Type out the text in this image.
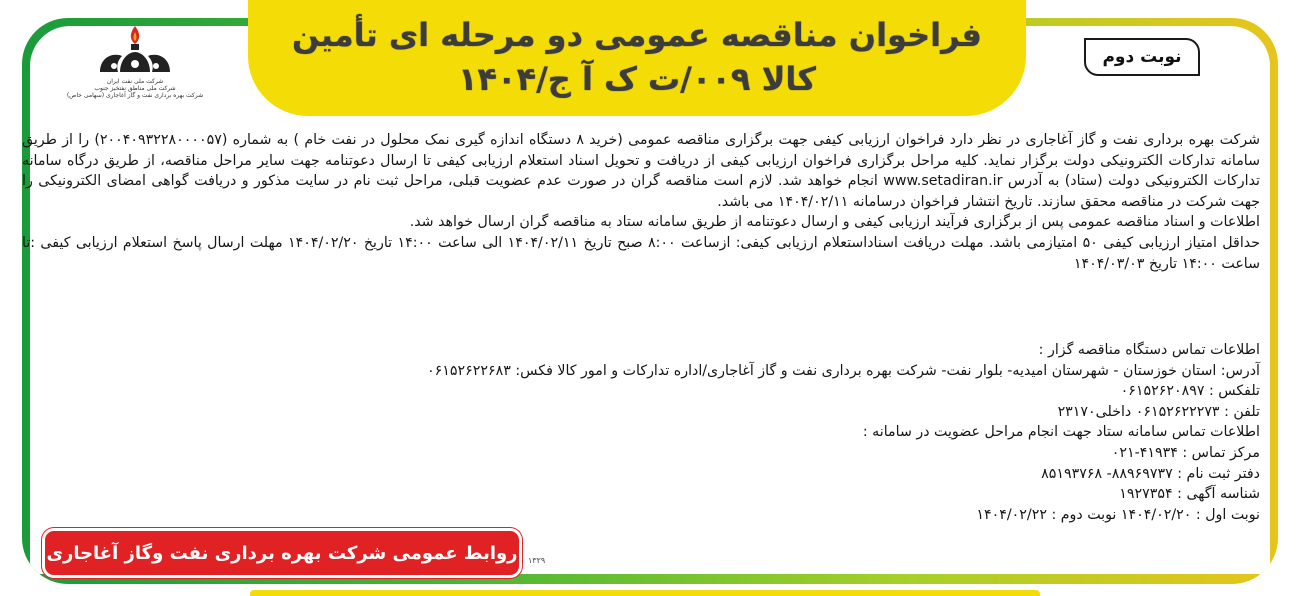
فراخوان مناقصه عمومی دو مرحله ای تأمین
کالا ۰۰۹/ت ک آ ج/۱۴۰۴
شرکت ملی نفت ایران
شرکت ملی مناطق نفتخیز جنوب
شرکت بهره برداری نفت و گاز آغاجاری (سهامی خاص)
نوبت دوم

شرکت بهره برداری نفت و گاز آغاجاری در نظر دارد فراخوان ارزیابی کیفی جهت برگزاری مناقصه عمومی (خرید ۸ دستگاه اندازه گیری نمک محلول در نفت خام ) به شماره (۲۰۰۴۰۹۳۲۲۸۰۰۰۰۵۷) را از طریق سامانه تدارکات الکترونیکی دولت برگزار نماید. کلیه مراحل برگزاری فراخوان ارزیابی کیفی از دریافت و تحویل اسناد استعلام ارزیابی کیفی تا ارسال دعوتنامه جهت سایر مراحل مناقصه، از طریق درگاه سامانه تدارکات الکترونیکی دولت (ستاد) به آدرس www.setadiran.ir انجام خواهد شد. لازم است مناقصه گران در صورت عدم عضویت قبلی، مراحل ثبت نام در سایت مذکور و دریافت گواهی امضای الکترونیکی را جهت شرکت در مناقصه محقق سازند. تاریخ انتشار فراخوان درسامانه ۱۴۰۴/۰۲/۱۱ می باشد.

اطلاعات و اسناد مناقصه عمومی پس از برگزاری فرآیند ارزیابی کیفی و ارسال دعوتنامه از طریق سامانه ستاد به مناقصه گران ارسال خواهد شد.

حداقل امتیاز ارزیابی کیفی ۵۰ امتیازمی باشد. مهلت دریافت اسناداستعلام ارزیابی کیفی: ازساعت ۸:۰۰ صبح تاریخ ۱۴۰۴/۰۲/۱۱ الی ساعت ۱۴:۰۰ تاریخ ۱۴۰۴/۰۲/۲۰ مهلت ارسال پاسخ استعلام ارزیابی کیفی :تا ساعت ۱۴:۰۰ تاریخ ۱۴۰۴/۰۳/۰۳

اطلاعات تماس دستگاه مناقصه گزار :
آدرس: استان خوزستان - شهرستان امیدیه- بلوار نفت- شرکت بهره برداری نفت و گاز آغاجاری/اداره تدارکات و امور کالا فکس: ۰۶۱۵۲۶۲۲۶۸۳
تلفکس : ۰۶۱۵۲۶۲۰۸۹۷
تلفن : ۰۶۱۵۲۶۲۲۲۷۳ داخلی۲۳۱۷۰
اطلاعات تماس سامانه ستاد جهت انجام مراحل عضویت در سامانه :
مرکز تماس : ۴۱۹۳۴-۰۲۱
دفتر ثبت نام : ۸۸۹۶۹۷۳۷- ۸۵۱۹۳۷۶۸
شناسه آگهی : ۱۹۲۷۳۵۴
نوبت اول : ۱۴۰۴/۰۲/۲۰ نوبت دوم : ۱۴۰۴/۰۲/۲۲
روابط عمومی شرکت بهره برداری نفت وگاز آغاجاری	۱۳۲۹
